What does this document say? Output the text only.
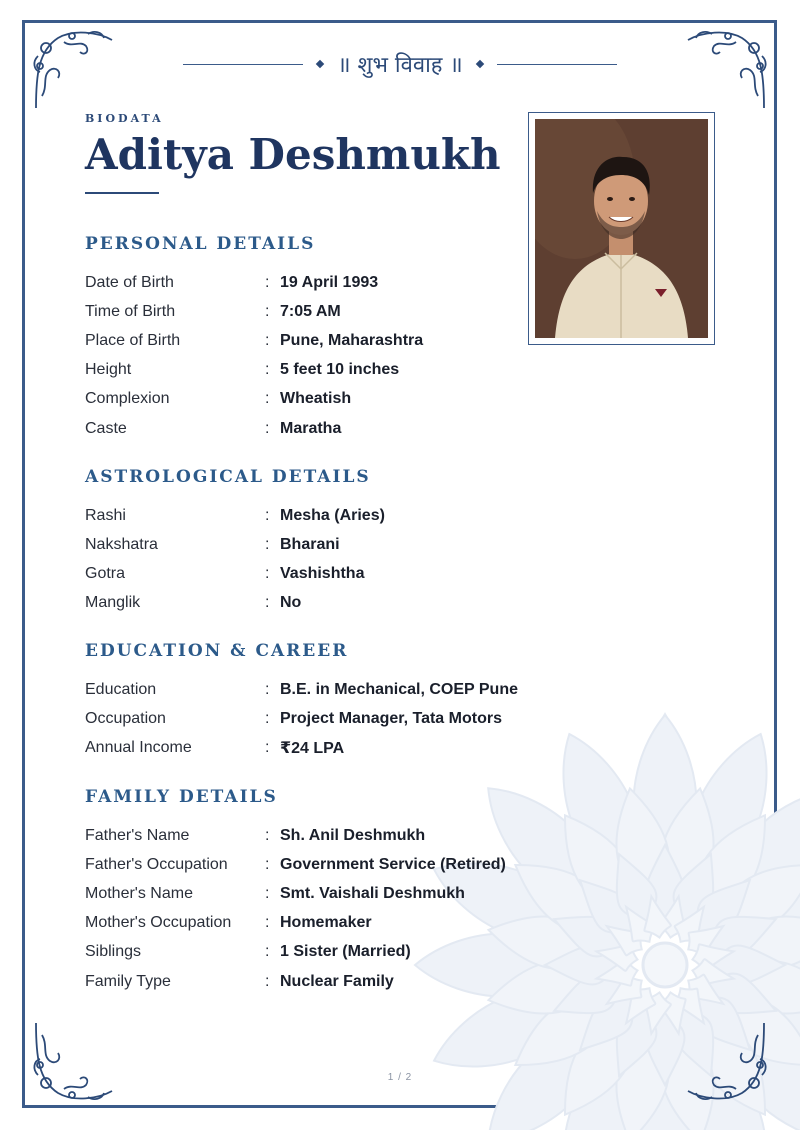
॥ शुभ विवाह ॥
BIODATA
Aditya Deshmukh
PERSONAL DETAILS
Date of Birth	: 19 April 1993
Time of Birth	: 7:05 AM
Place of Birth	: Pune, Maharashtra
Height	: 5 feet 10 inches
Complexion	: Wheatish
Caste	: Maratha
ASTROLOGICAL DETAILS
Rashi	: Mesha (Aries)
Nakshatra	: Bharani
Gotra	: Vashishtha
Manglik	: No
EDUCATION & CAREER
Education	: B.E. in Mechanical, COEP Pune
Occupation	: Project Manager, Tata Motors
Annual Income	: ₹24 LPA
FAMILY DETAILS
Father's Name	: Sh. Anil Deshmukh
Father's Occupation	: Government Service (Retired)
Mother's Name	: Smt. Vaishali Deshmukh
Mother's Occupation	: Homemaker
Siblings	: 1 Sister (Married)
Family Type	: Nuclear Family
1 / 2
